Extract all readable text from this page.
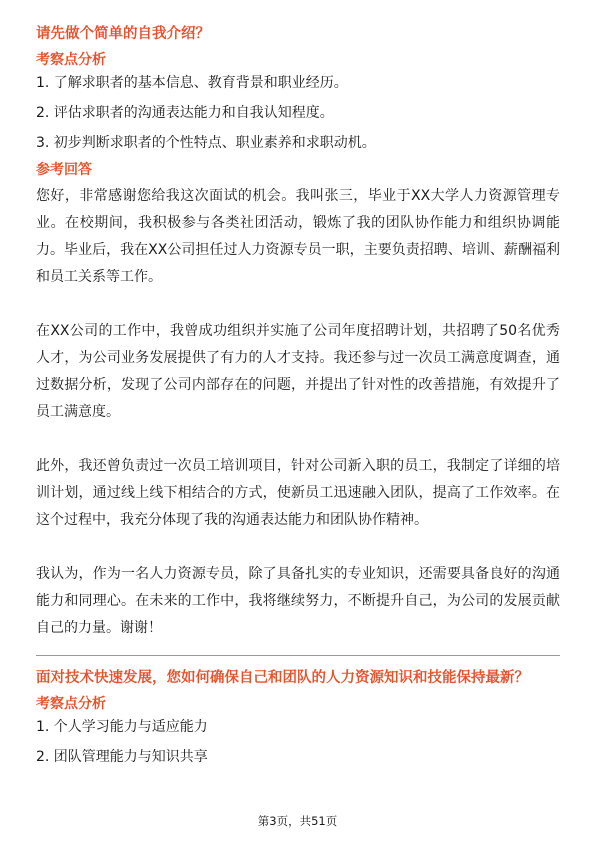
请先做个简单的自我介绍？
考察点分析
1. 了解求职者的基本信息、教育背景和职业经历。
2. 评估求职者的沟通表达能力和自我认知程度。
3. 初步判断求职者的个性特点、职业素养和求职动机。
参考回答

您好，非常感谢您给我这次面试的机会。我叫张三，毕业于XX大学人力资源管理专业。在校期间，我积极参与各类社团活动，锻炼了我的团队协作能力和组织协调能力。毕业后，我在XX公司担任过人力资源专员一职，主要负责招聘、培训、薪酬福利和员工关系等工作。

在XX公司的工作中，我曾成功组织并实施了公司年度招聘计划，共招聘了50名优秀人才，为公司业务发展提供了有力的人才支持。我还参与过一次员工满意度调查，通过数据分析，发现了公司内部存在的问题，并提出了针对性的改善措施，有效提升了员工满意度。

此外，我还曾负责过一次员工培训项目，针对公司新入职的员工，我制定了详细的培训计划，通过线上线下相结合的方式，使新员工迅速融入团队，提高了工作效率。在这个过程中，我充分体现了我的沟通表达能力和团队协作精神。

我认为，作为一名人力资源专员，除了具备扎实的专业知识，还需要具备良好的沟通能力和同理心。在未来的工作中，我将继续努力，不断提升自己，为公司的发展贡献自己的力量。谢谢！

面对技术快速发展，您如何确保自己和团队的人力资源知识和技能保持最新？
考察点分析
1. 个人学习能力与适应能力
2. 团队管理能力与知识共享
第3页，共51页
